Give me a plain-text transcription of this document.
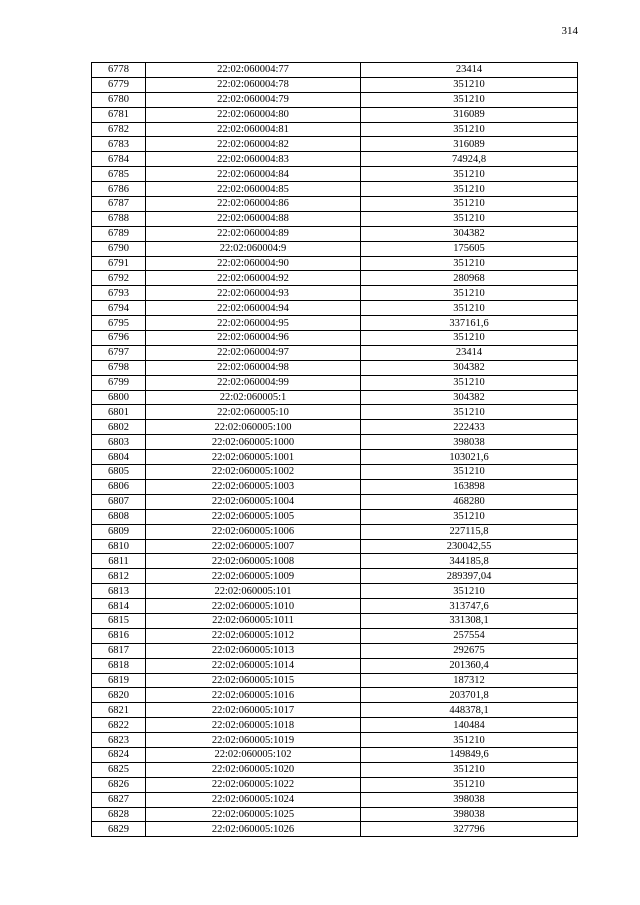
314
6778	22:02:060004:77	23414
6779	22:02:060004:78	351210
6780	22:02:060004:79	351210
6781	22:02:060004:80	316089
6782	22:02:060004:81	351210
6783	22:02:060004:82	316089
6784	22:02:060004:83	74924,8
6785	22:02:060004:84	351210
6786	22:02:060004:85	351210
6787	22:02:060004:86	351210
6788	22:02:060004:88	351210
6789	22:02:060004:89	304382
6790	22:02:060004:9	175605
6791	22:02:060004:90	351210
6792	22:02:060004:92	280968
6793	22:02:060004:93	351210
6794	22:02:060004:94	351210
6795	22:02:060004:95	337161,6
6796	22:02:060004:96	351210
6797	22:02:060004:97	23414
6798	22:02:060004:98	304382
6799	22:02:060004:99	351210
6800	22:02:060005:1	304382
6801	22:02:060005:10	351210
6802	22:02:060005:100	222433
6803	22:02:060005:1000	398038
6804	22:02:060005:1001	103021,6
6805	22:02:060005:1002	351210
6806	22:02:060005:1003	163898
6807	22:02:060005:1004	468280
6808	22:02:060005:1005	351210
6809	22:02:060005:1006	227115,8
6810	22:02:060005:1007	230042,55
6811	22:02:060005:1008	344185,8
6812	22:02:060005:1009	289397,04
6813	22:02:060005:101	351210
6814	22:02:060005:1010	313747,6
6815	22:02:060005:1011	331308,1
6816	22:02:060005:1012	257554
6817	22:02:060005:1013	292675
6818	22:02:060005:1014	201360,4
6819	22:02:060005:1015	187312
6820	22:02:060005:1016	203701,8
6821	22:02:060005:1017	448378,1
6822	22:02:060005:1018	140484
6823	22:02:060005:1019	351210
6824	22:02:060005:102	149849,6
6825	22:02:060005:1020	351210
6826	22:02:060005:1022	351210
6827	22:02:060005:1024	398038
6828	22:02:060005:1025	398038
6829	22:02:060005:1026	327796
